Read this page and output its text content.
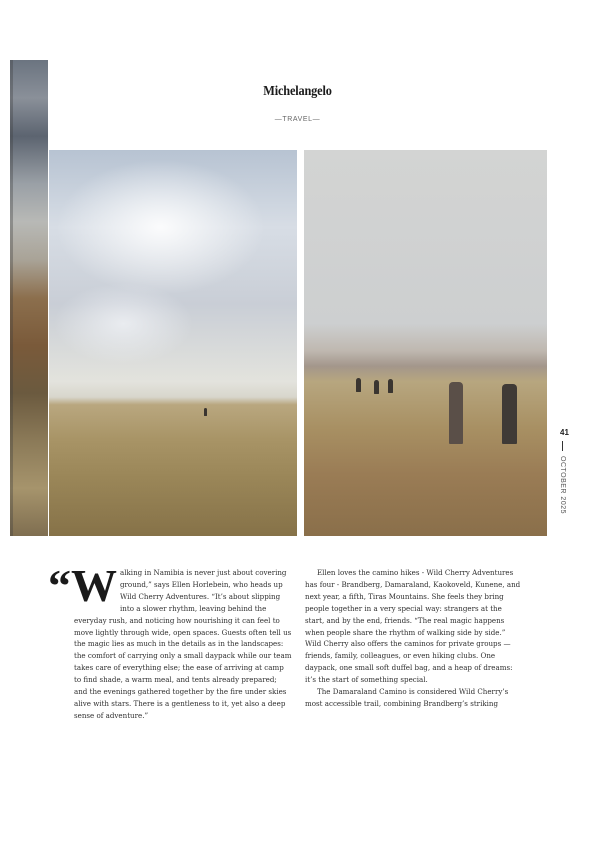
Michelangelo
—TRAVEL—
41
OCTOBER 2025

“Walking in Namibia is never just about covering ground,” says Ellen Horlebein, who heads up Wild Cherry Adventures. “It’s about slipping into a slower rhythm, leaving behind the everyday rush, and noticing how nourishing it can feel to move lightly through wide, open spaces. Guests often tell us the magic lies as much in the details as in the landscapes: the comfort of carrying only a small daypack while our team takes care of everything else; the ease of arriving at camp to find shade, a warm meal, and tents already prepared; and the evenings gathered together by the fire under skies alive with stars. There is a gentleness to it, yet also a deep sense of adventure.”

Ellen loves the camino hikes - Wild Cherry Adventures has four - Brandberg, Damaraland, Kaokoveld, Kunene, and next year, a fifth, Tiras Mountains. She feels they bring people together in a very special way: strangers at the start, and by the end, friends. “The real magic happens when people share the rhythm of walking side by side.” Wild Cherry also offers the caminos for private groups — friends, family, colleagues, or even hiking clubs. One daypack, one small soft duffel bag, and a heap of dreams: it’s the start of something special.

The Damaraland Camino is considered Wild Cherry’s most accessible trail, combining Brandberg’s striking
